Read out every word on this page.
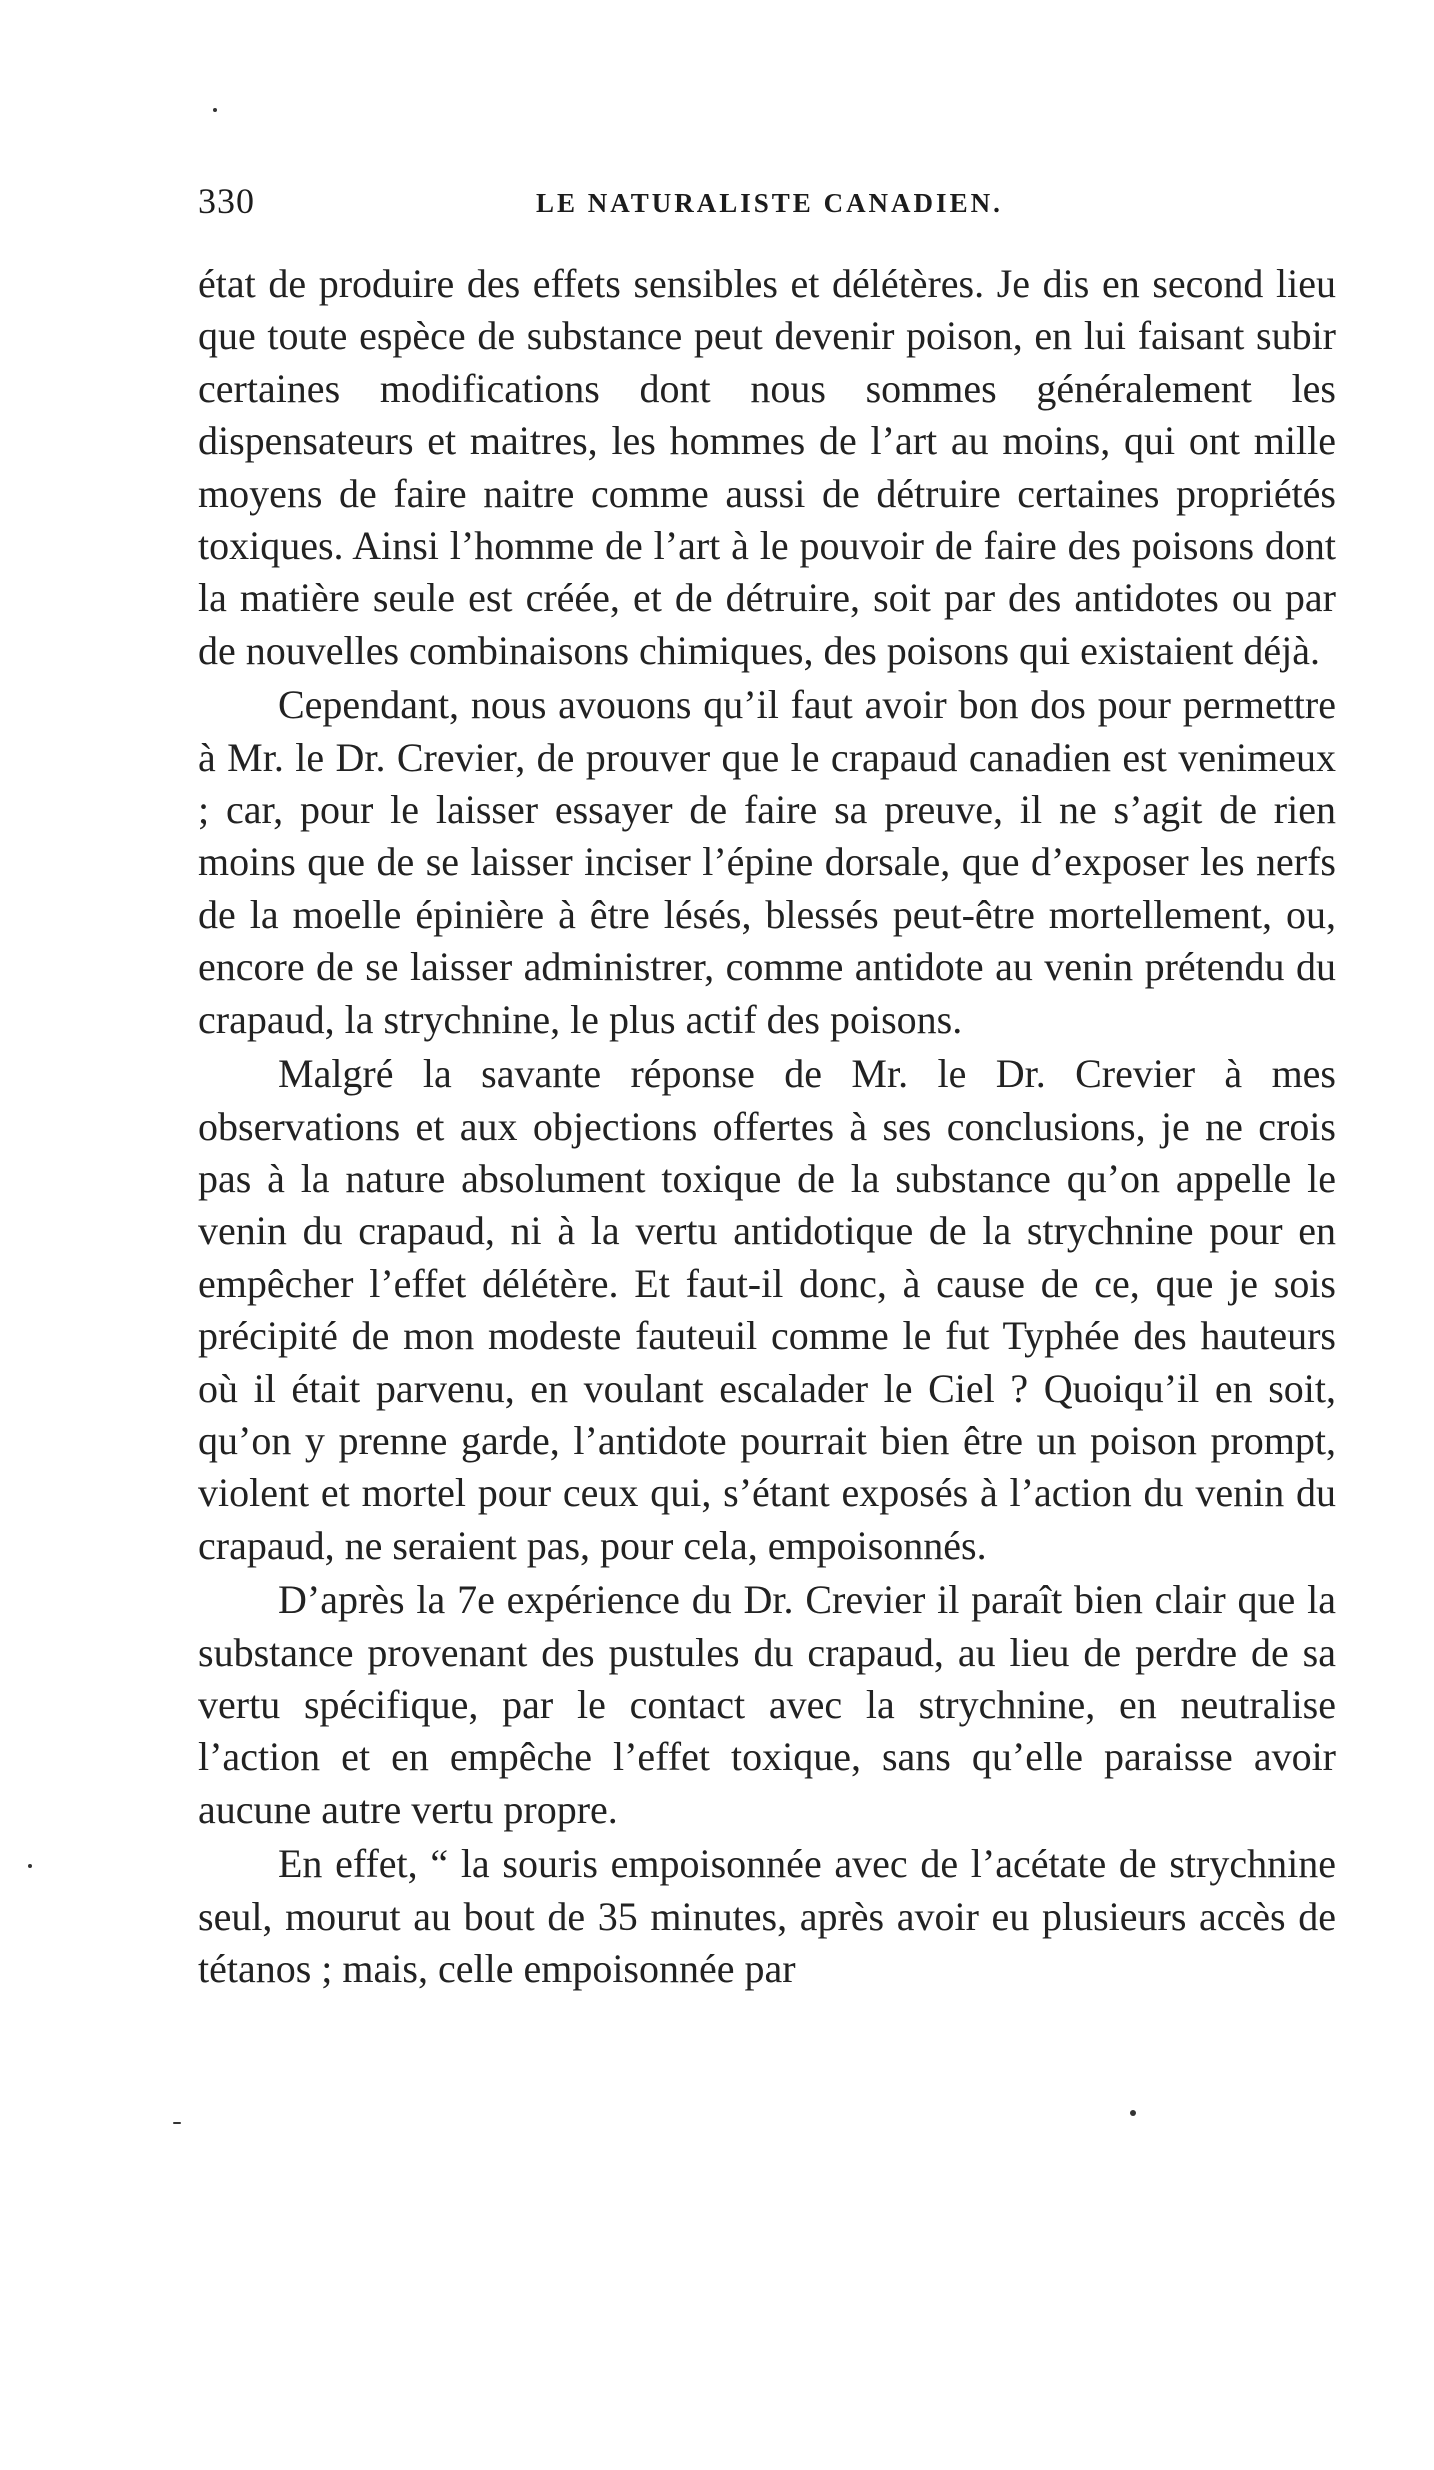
330	LE NATURALISTE CANADIEN.

état de produire des effets sensibles et délétères. Je dis en second lieu que toute espèce de substance peut devenir poison, en lui faisant subir certaines modifications dont nous sommes généralement les dispensateurs et maitres, les hommes de l’art au moins, qui ont mille moyens de faire naitre comme aussi de détruire certaines propriétés toxiques. Ainsi l’homme de l’art à le pouvoir de faire des poisons dont la matière seule est créée, et de détruire, soit par des antidotes ou par de nouvelles combinaisons chimiques, des poisons qui existaient déjà.

Cependant, nous avouons qu’il faut avoir bon dos pour permettre à Mr. le Dr. Crevier, de prouver que le crapaud canadien est venimeux ; car, pour le laisser essayer de faire sa preuve, il ne s’agit de rien moins que de se laisser inciser l’épine dorsale, que d’exposer les nerfs de la moelle épinière à être lésés, blessés peut-être mortellement, ou, encore de se laisser administrer, comme antidote au venin prétendu du crapaud, la strychnine, le plus actif des poisons.

Malgré la savante réponse de Mr. le Dr. Crevier à mes observations et aux objections offertes à ses conclusions, je ne crois pas à la nature absolument toxique de la substance qu’on appelle le venin du crapaud, ni à la vertu antidotique de la strychnine pour en empêcher l’effet délétère. Et faut-il donc, à cause de ce, que je sois précipité de mon modeste fauteuil comme le fut Typhée des hauteurs où il était parvenu, en voulant escalader le Ciel ? Quoiqu’il en soit, qu’on y prenne garde, l’antidote pourrait bien être un poison prompt, violent et mortel pour ceux qui, s’étant exposés à l’action du venin du crapaud, ne seraient pas, pour cela, empoisonnés.

D’après la 7e expérience du Dr. Crevier il paraît bien clair que la substance provenant des pustules du crapaud, au lieu de perdre de sa vertu spécifique, par le contact avec la strychnine, en neutralise l’action et en empêche l’effet toxique, sans qu’elle paraisse avoir aucune autre vertu propre.

En effet, “ la souris empoisonnée avec de l’acétate de strychnine seul, mourut au bout de 35 minutes, après avoir eu plusieurs accès de tétanos ; mais, celle empoisonnée par
